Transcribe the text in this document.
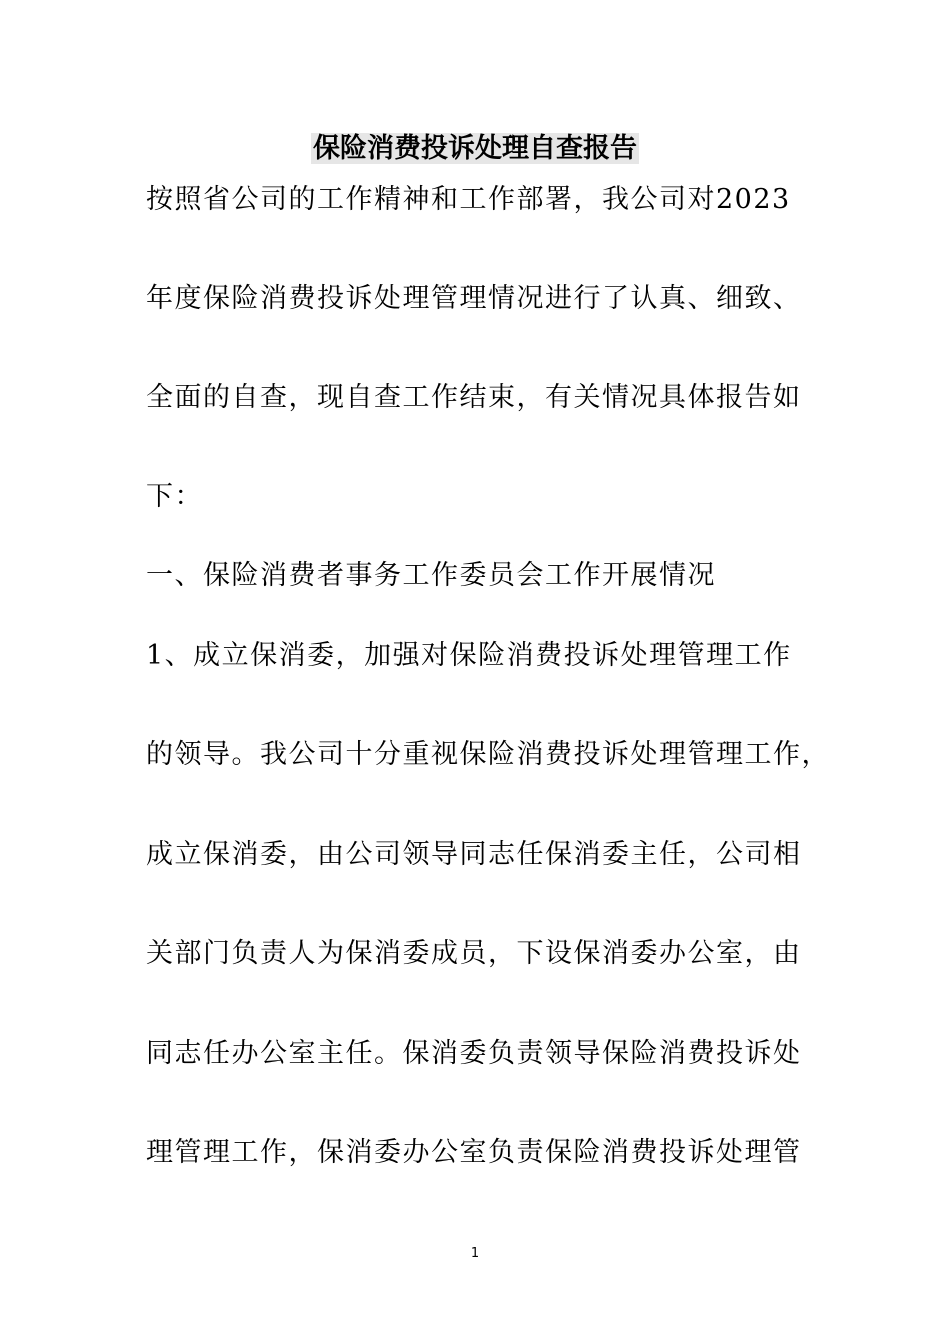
保险消费投诉处理自查报告
按照省公司的工作精神和工作部署，我公司对2023
年度保险消费投诉处理管理情况进行了认真、细致、
全面的自查，现自查工作结束，有关情况具体报告如
下：
一、保险消费者事务工作委员会工作开展情况
1、成立保消委，加强对保险消费投诉处理管理工作
的领导。我公司十分重视保险消费投诉处理管理工作，
成立保消委，由公司领导同志任保消委主任，公司相
关部门负责人为保消委成员，下设保消委办公室，由
同志任办公室主任。保消委负责领导保险消费投诉处
理管理工作，保消委办公室负责保险消费投诉处理管
1
